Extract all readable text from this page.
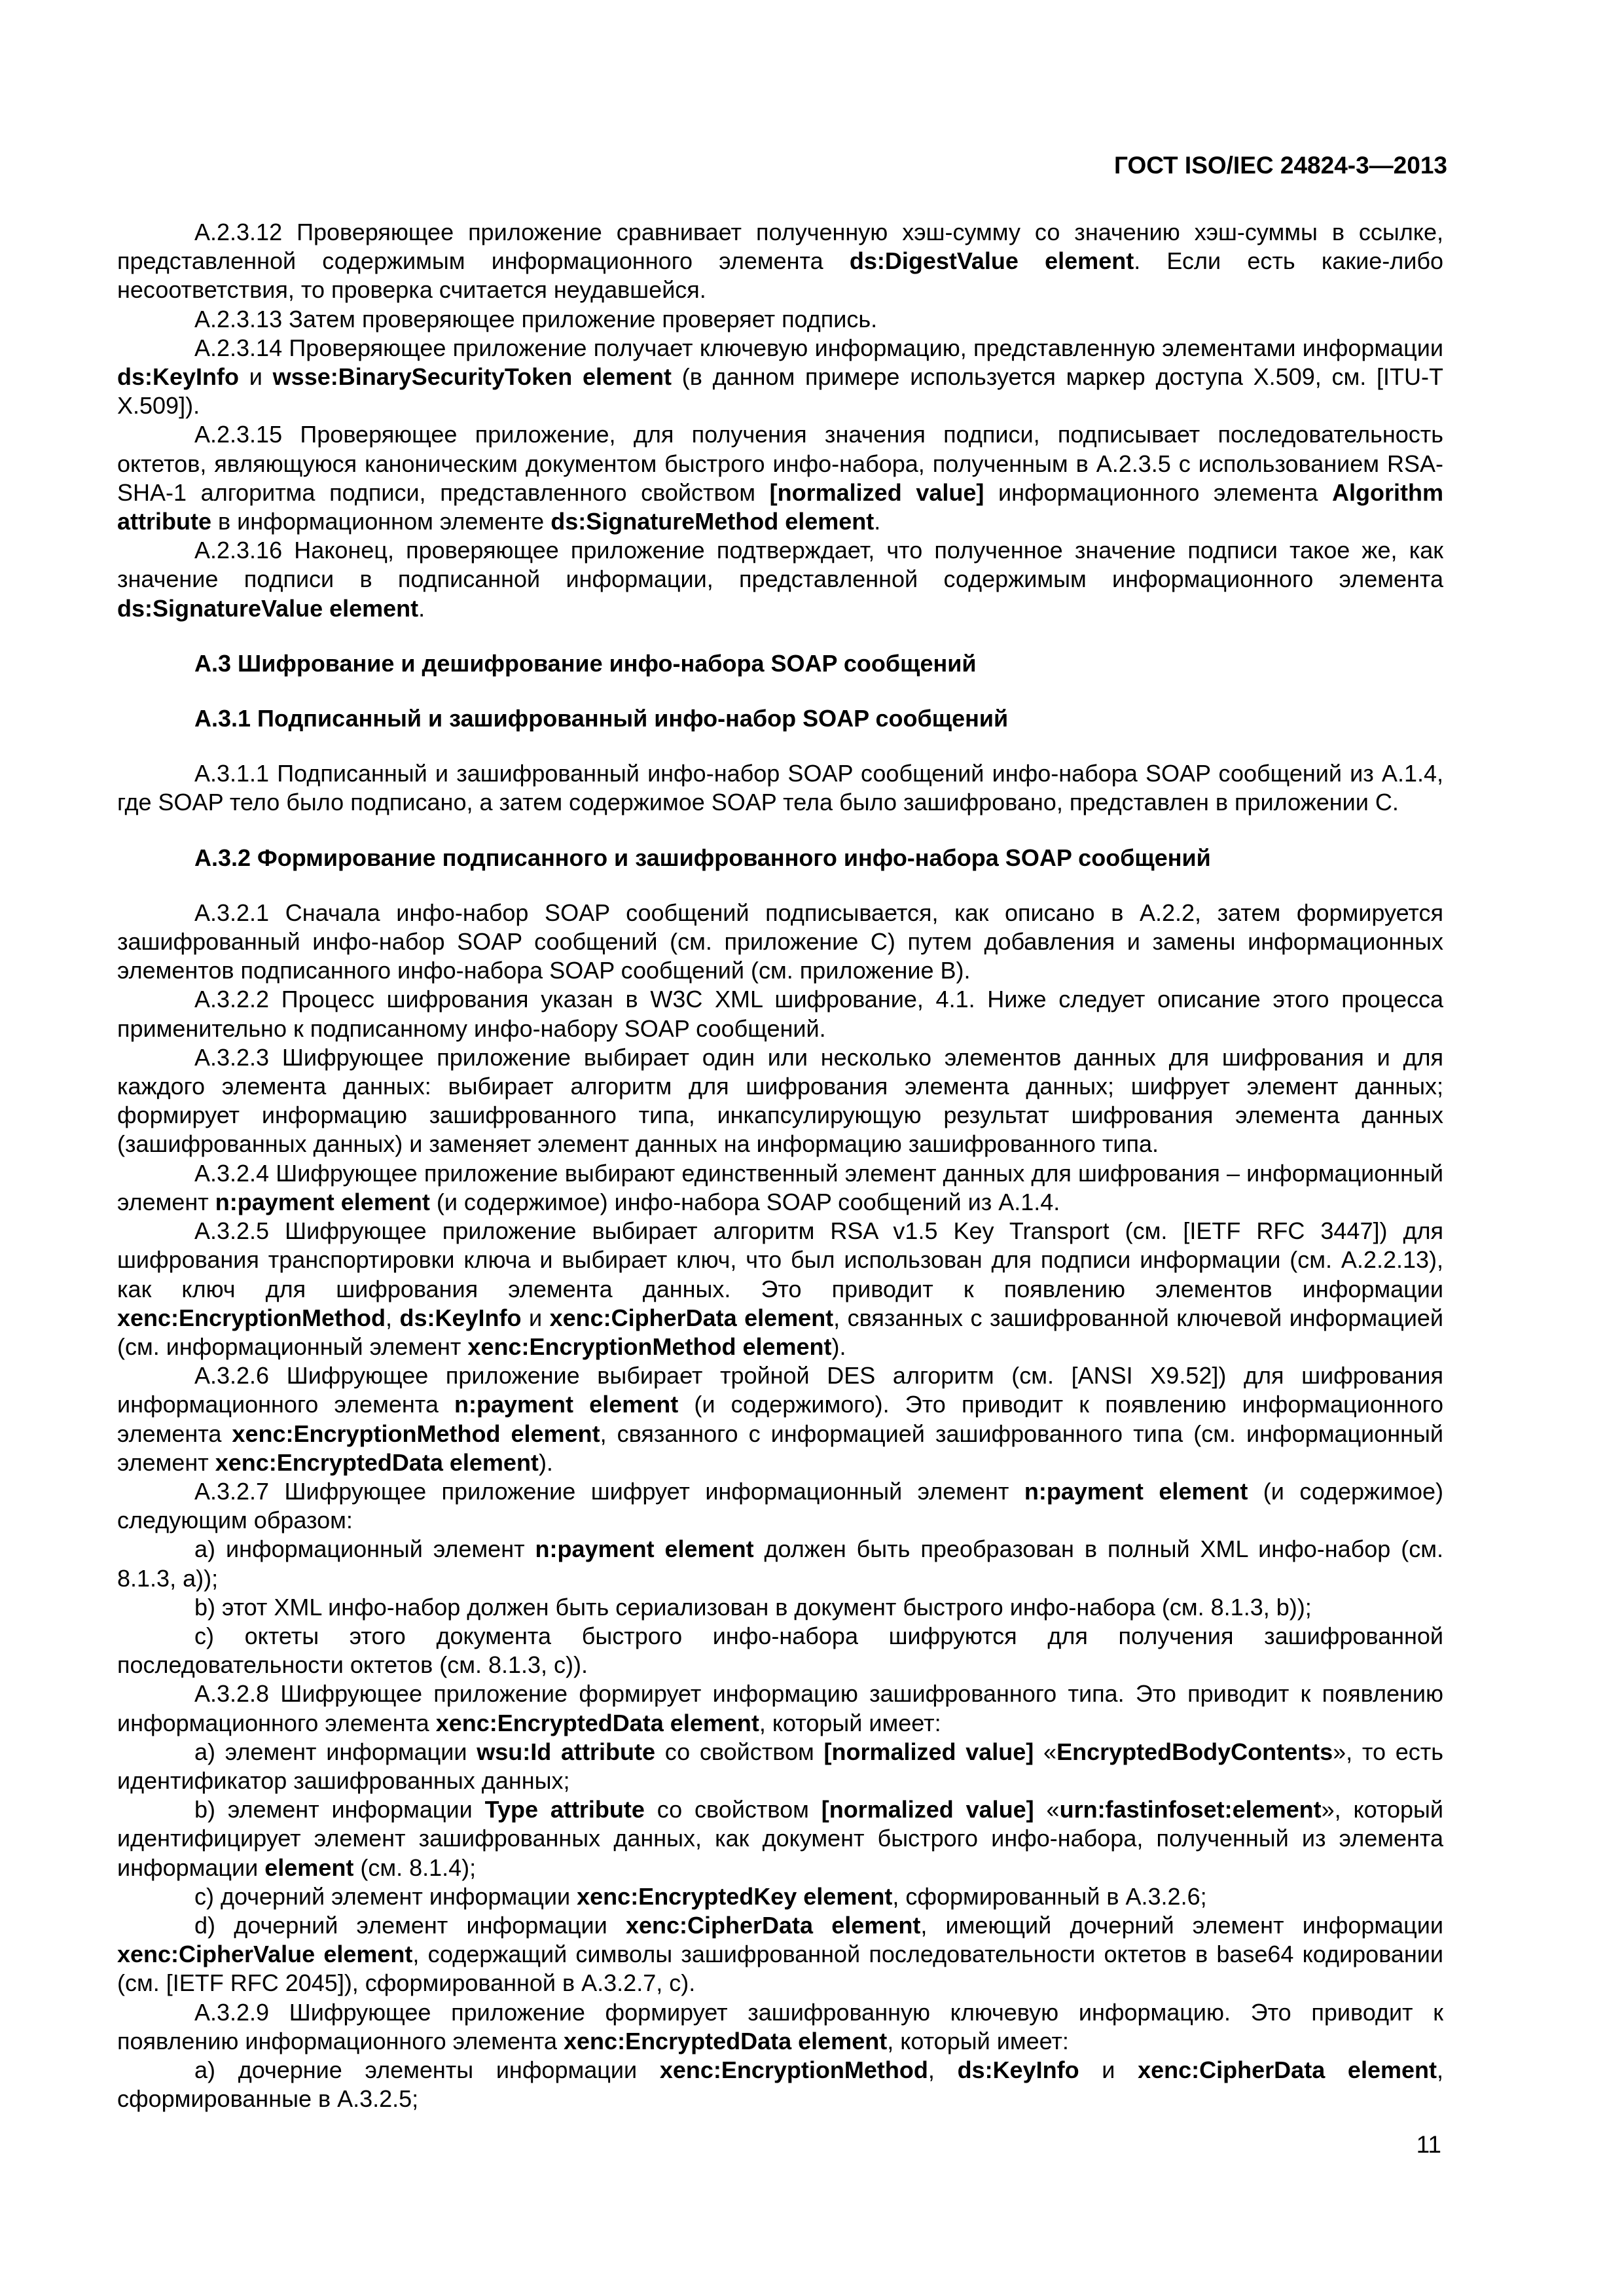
ГОСТ ISO/IEC 24824-3—2013

A.2.3.12 Проверяющее приложение сравнивает полученную хэш-сумму со значению хэш-суммы в ссылке, представленной содержимым информационного элемента ds:DigestValue element. Если есть какие-либо несоответствия, то проверка считается неудавшейся.

A.2.3.13 Затем проверяющее приложение проверяет подпись.

A.2.3.14 Проверяющее приложение получает ключевую информацию, представленную элементами информации ds:KeyInfo и wsse:BinarySecurityToken element (в данном примере используется маркер доступа X.509, см. [ITU-T X.509]).

A.2.3.15 Проверяющее приложение, для получения значения подписи, подписывает последовательность октетов, являющуюся каноническим документом быстрого инфо-набора, полученным в A.2.3.5 с использованием RSA-SHA-1 алгоритма подписи, представленного свойством [normalized value] информационного элемента Algorithm attribute в информационном элементе ds:SignatureMethod element.

A.2.3.16 Наконец, проверяющее приложение подтверждает, что полученное значение подписи такое же, как значение подписи в подписанной информации, представленной содержимым информационного элемента ds:SignatureValue element.

A.3 Шифрование и дешифрование инфо-набора SOAP сообщений
A.3.1 Подписанный и зашифрованный инфо-набор SOAP сообщений

A.3.1.1 Подписанный и зашифрованный инфо-набор SOAP сообщений инфо-набора SOAP сообщений из A.1.4, где SOAP тело было подписано, а затем содержимое SOAP тела было зашифровано, представлен в приложении C.

A.3.2 Формирование подписанного и зашифрованного инфо-набора SOAP сообщений

A.3.2.1 Сначала инфо-набор SOAP сообщений подписывается, как описано в A.2.2, затем формируется зашифрованный инфо-набор SOAP сообщений (см. приложение C) путем добавления и замены информационных элементов подписанного инфо-набора SOAP сообщений (см. приложение B).

A.3.2.2 Процесс шифрования указан в W3C XML шифрование, 4.1. Ниже следует описание этого процесса применительно к подписанному инфо-набору SOAP сообщений.

A.3.2.3 Шифрующее приложение выбирает один или несколько элементов данных для шифрования и для каждого элемента данных: выбирает алгоритм для шифрования элемента данных; шифрует элемент данных; формирует информацию зашифрованного типа, инкапсулирующую результат шифрования элемента данных (зашифрованных данных) и заменяет элемент данных на информацию зашифрованного типа.

A.3.2.4 Шифрующее приложение выбирают единственный элемент данных для шифрования – информационный элемент n:payment element (и содержимое) инфо-набора SOAP сообщений из A.1.4.

A.3.2.5 Шифрующее приложение выбирает алгоритм RSA v1.5 Key Transport (см. [IETF RFC 3447]) для шифрования транспортировки ключа и выбирает ключ, что был использован для подписи информации (см. A.2.2.13), как ключ для шифрования элемента данных. Это приводит к появлению элементов информации xenc:EncryptionMethod, ds:KeyInfo и xenc:CipherData element, связанных с зашифрованной ключевой информацией (см. информационный элемент xenc:EncryptionMethod element).

A.3.2.6 Шифрующее приложение выбирает тройной DES алгоритм (см. [ANSI X9.52]) для шифрования информационного элемента n:payment element (и содержимого). Это приводит к появлению информационного элемента xenc:EncryptionMethod element, связанного с информацией зашифрованного типа (см. информационный элемент xenc:EncryptedData element).

A.3.2.7 Шифрующее приложение шифрует информационный элемент n:payment element (и содержимое) следующим образом:

a) информационный элемент n:payment element должен быть преобразован в полный XML инфо-набор (см. 8.1.3, a));

b) этот XML инфо-набор должен быть сериализован в документ быстрого инфо-набора (см. 8.1.3, b));

c) октеты этого документа быстрого инфо-набора шифруются для получения зашифрованной последовательности октетов (см. 8.1.3, c)).

A.3.2.8 Шифрующее приложение формирует информацию зашифрованного типа. Это приводит к появлению информационного элемента xenc:EncryptedData element, который имеет:

a) элемент информации wsu:Id attribute со свойством [normalized value] «EncryptedBodyContents», то есть идентификатор зашифрованных данных;

b) элемент информации Type attribute со свойством [normalized value] «urn:fastinfoset:element», который идентифицирует элемент зашифрованных данных, как документ быстрого инфо-набора, полученный из элемента информации element (см. 8.1.4);

c) дочерний элемент информации xenc:EncryptedKey element, сформированный в A.3.2.6;

d) дочерний элемент информации xenc:CipherData element, имеющий дочерний элемент информации xenc:CipherValue element, содержащий символы зашифрованной последовательности октетов в base64 кодировании (см. [IETF RFC 2045]), сформированной в A.3.2.7, c).

A.3.2.9 Шифрующее приложение формирует зашифрованную ключевую информацию. Это приводит к появлению информационного элемента xenc:EncryptedData element, который имеет:

a) дочерние элементы информации xenc:EncryptionMethod, ds:KeyInfo и xenc:CipherData element, сформированные в A.3.2.5;

11
